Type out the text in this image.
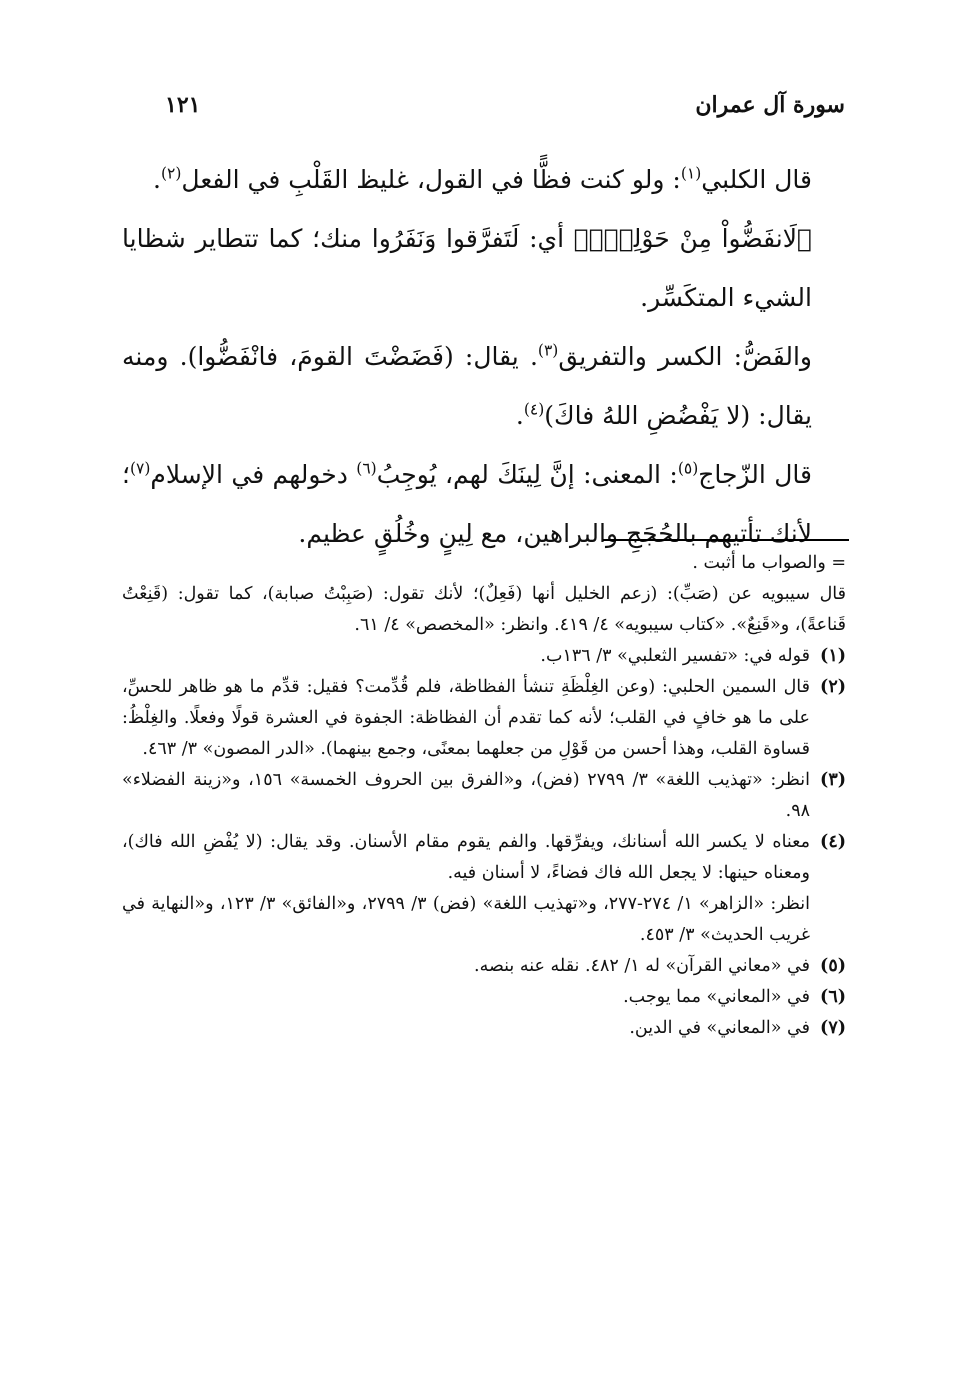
سورة آل عمران
١٢١

قال الكلبي$^{(١)}$: ولو كنت فظًّا في القول، غليظ القَلْبِ في الفعل$^{(٢)}$.

﴿لَانفَضُّواْ مِنْ حَوْلِكَۖ﴾ أي: لَتَفرَّقوا وَنَفَرُوا منك؛ كما تتطاير شظايا الشيء المتكَسِّر.

والفَضُّ: الكسر والتفريق$^{(٣)}$. يقال: (فَضَضْتَ القومَ، فانْفَضُّوا). ومنه يقال: (لا يَفْضُضِ اللهُ فاكَ)$^{(٤)}$.

قال الزّجاج$^{(٥)}$: المعنى: إنَّ لِينَكَ لهم، يُوجِبُ$^{(٦)}$ دخولهم في الإسلام$^{(٧)}$؛ لأنك تأتيهم بالحُجَجِ والبراهين، مع لِينٍ وخُلُقٍ عظيم.

= والصواب ما أثبت .

قال سيبويه عن (صَبِّ): (زعم الخليل أنها (فَعِلٌ)؛ لأنك تقول: (صَبِبْتُ صبابة)، كما تقول: (قَنِعْتُ قَناعةً)، و«قَنِعٌ». «كتاب سيبويه» ٤/ ٤١٩. وانظر: «المخصص» ٤/ ٦١.

(١)

قوله في: «تفسير الثعلبي» ٣/ ١٣٦ب.

(٢)

قال السمين الحلبي: (وعن الغِلْظَةِ تنشأ الفظاظة، فلم قُدِّمت؟ فقيل: قدِّم ما هو ظاهر للحسِّ، على ما هو خافٍ في القلب؛ لأنه كما تقدم أن الفظاظة: الجفوة في العشرة قولًا وفعلًا. والغِلْظُ: قساوة القلب، وهذا أحسن من قَوْلِ من جعلهما بمعنًى، وجمع بينهما). «الدر المصون» ٣/ ٤٦٣.

(٣)

انظر: «تهذيب اللغة» ٣/ ٢٧٩٩ (فض)، و«الفرق بين الحروف الخمسة» ١٥٦، و«زينة الفضلاء» ٩٨.

(٤)

معناه لا يكسر الله أسنانك، ويفرِّقها. والفم يقوم مقام الأسنان. وقد يقال: (لا يُفْضِ الله فاك)، ومعناه حينها: لا يجعل الله فاك فضاءً، لا أسنان فيه.

انظر: «الزاهر» ١/ ٢٧٤-٢٧٧، و«تهذيب اللغة» (فض) ٣/ ٢٧٩٩، و«الفائق» ٣/ ١٢٣، و«النهاية في غريب الحديث» ٣/ ٤٥٣.

(٥)

في «معاني القرآن» له ١/ ٤٨٢. نقله عنه بنصه.

(٦)

في «المعاني» مما يوجب.

(٧)

في «المعاني» في الدين.
